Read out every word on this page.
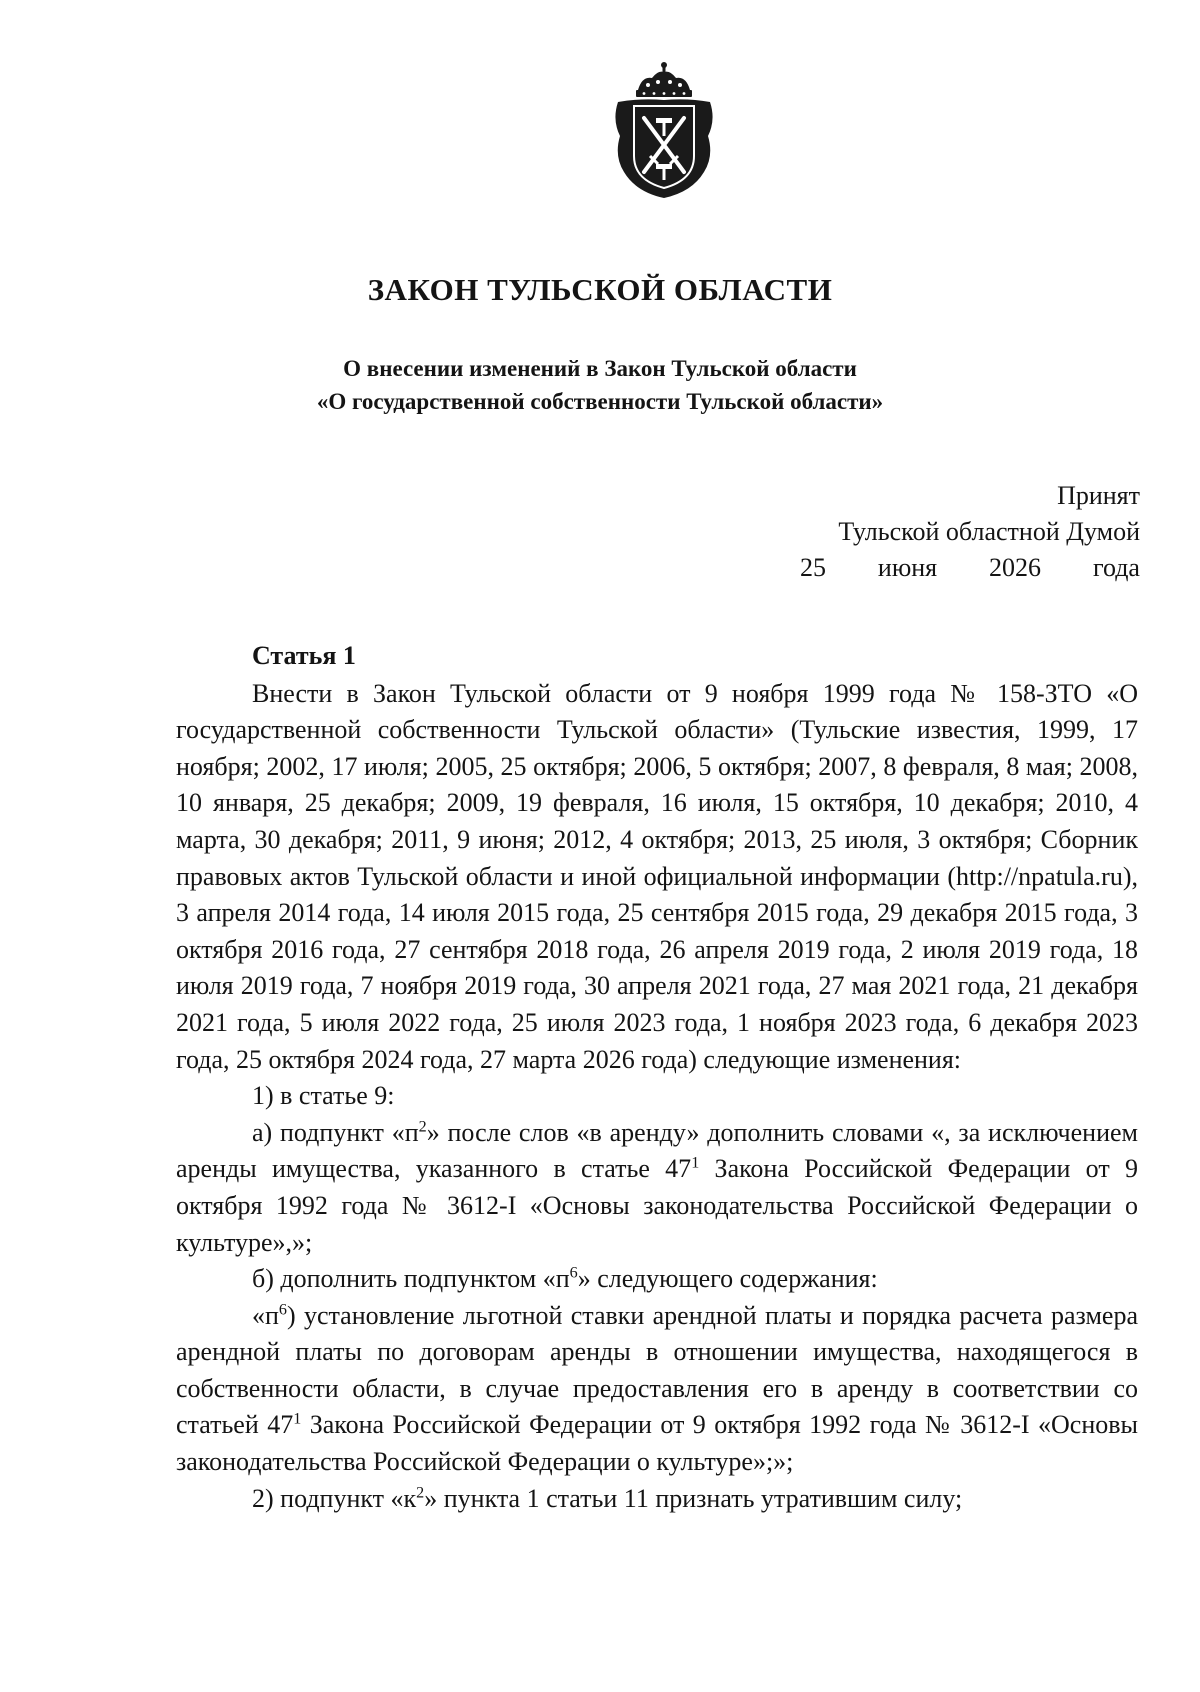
ЗАКОН ТУЛЬСКОЙ ОБЛАСТИ
О внесении изменений в Закон Тульской области
«О государственной собственности Тульской области»
Принят
Тульской областной Думой
25 июня 2026 года
Статья 1

Внести в Закон Тульской области от 9 ноября 1999 года № 158-ЗТО «О государственной собственности Тульской области» (Тульские известия, 1999, 17 ноября; 2002, 17 июля; 2005, 25 октября; 2006, 5 октября; 2007, 8 февраля, 8 мая; 2008, 10 января, 25 декабря; 2009, 19 февраля, 16 июля, 15 октября, 10 декабря; 2010, 4 марта, 30 декабря; 2011, 9 июня; 2012, 4 октября; 2013, 25 июля, 3 октября; Сборник правовых актов Тульской области и иной официальной информации (http://npatula.ru), 3 апреля 2014 года, 14 июля 2015 года, 25 сентября 2015 года, 29 декабря 2015 года, 3 октября 2016 года, 27 сентября 2018 года, 26 апреля 2019 года, 2 июля 2019 года, 18 июля 2019 года, 7 ноября 2019 года, 30 апреля 2021 года, 27 мая 2021 года, 21 декабря 2021 года, 5 июля 2022 года, 25 июля 2023 года, 1 ноября 2023 года, 6 декабря 2023 года, 25 октября 2024 года, 27 марта 2026 года) следующие изменения:

1) в статье 9:

а) подпункт «$п^2$» после слов «в аренду» дополнить словами «, за исключением аренды имущества, указанного в статье $47^1$ Закона Российской Федерации от 9 октября 1992 года № 3612-I «Основы законодательства Российской Федерации о культуре»,»;

б) дополнить подпунктом «$п^6$» следующего содержания:

«$п^6$) установление льготной ставки арендной платы и порядка расчета размера арендной платы по договорам аренды в отношении имущества, находящегося в собственности области, в случае предоставления его в аренду в соответствии со статьей $47^1$ Закона Российской Федерации от 9 октября 1992 года № 3612-I «Основы законодательства Российской Федерации о культуре»;»;

2) подпункт «$к^2$» пункта 1 статьи 11 признать утратившим силу;
